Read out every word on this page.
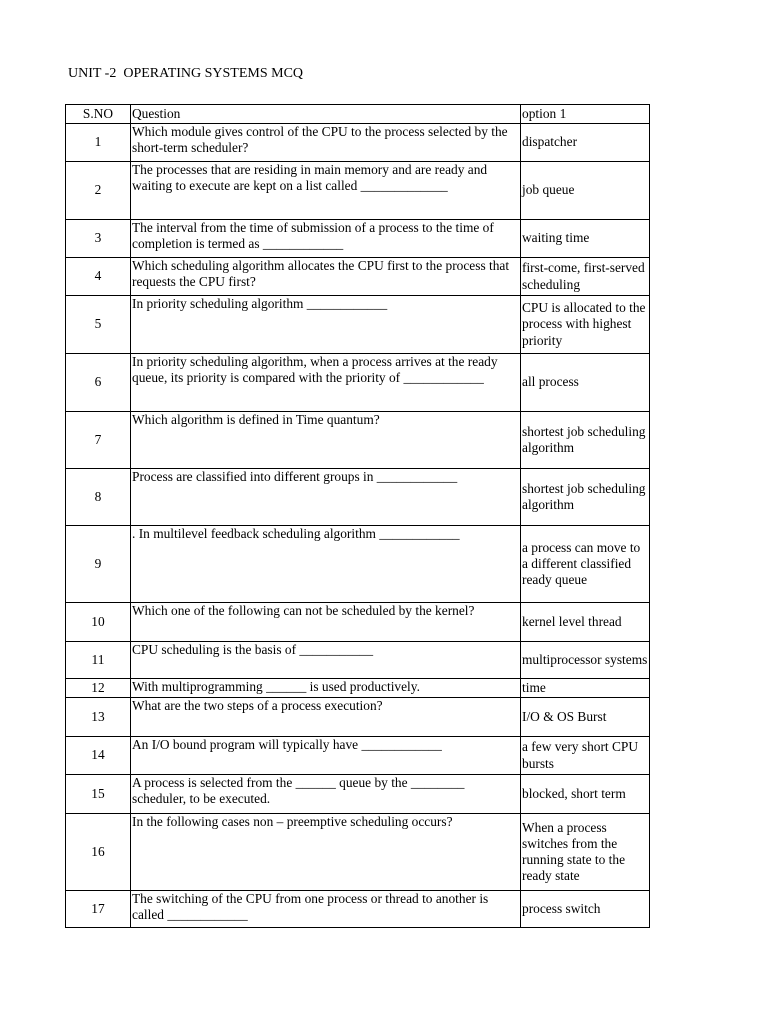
UNIT -2  OPERATING SYSTEMS MCQ
S.NO	Question	option 1
1	Which module gives control of the CPU to the process selected by the short-term scheduler?	dispatcher
2	The processes that are residing in main memory and are ready and waiting to execute are kept on a list called _____________	job queue
3	The interval from the time of submission of a process to the time of completion is termed as ____________	waiting time
4	Which scheduling algorithm allocates the CPU first to the process that requests the CPU first?	first-come, first-served scheduling
5	In priority scheduling algorithm ____________	CPU is allocated to the process with highest priority
6	In priority scheduling algorithm, when a process arrives at the ready queue, its priority is compared with the priority of ____________	all process
7	Which algorithm is defined in Time quantum?	shortest job scheduling algorithm
8	Process are classified into different groups in ____________	shortest job scheduling algorithm
9	. In multilevel feedback scheduling algorithm ____________	a process can move to a different classified ready queue
10	Which one of the following can not be scheduled by the kernel?	kernel level thread
11	CPU scheduling is the basis of ___________	multiprocessor systems
12	With multiprogramming ______ is used productively.	time
13	What are the two steps of a process execution?	I/O & OS Burst
14	An I/O bound program will typically have ____________	a few very short CPU bursts
15	A process is selected from the ______ queue by the ________ scheduler, to be executed.	blocked, short term
16	In the following cases non – preemptive scheduling occurs?	When a process switches from the running state to the ready state
17	The switching of the CPU from one process or thread to another is called ____________	process switch
